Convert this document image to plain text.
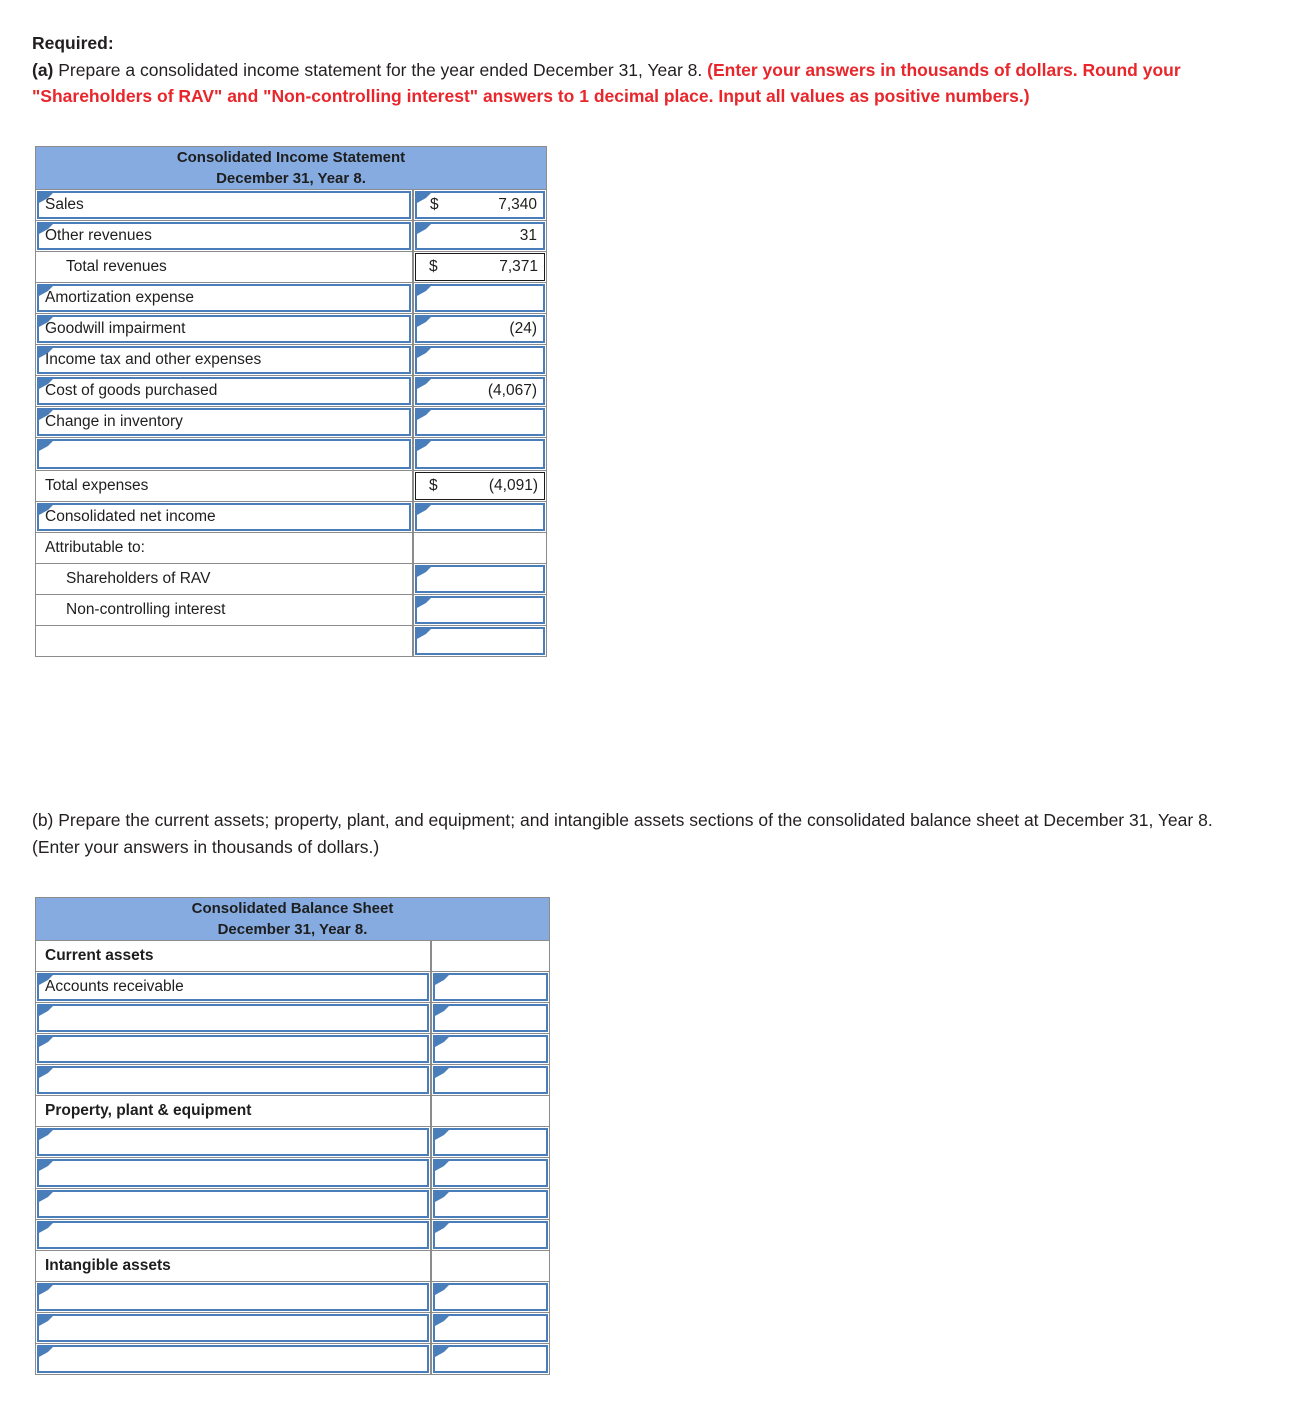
Required:
(a) Prepare a consolidated income statement for the year ended December 31, Year 8. (Enter your answers in thousands of dollars. Round your "Shareholders of RAV" and "Non-controlling interest" answers to 1 decimal place. Input all values as positive numbers.)
Consolidated Income Statement
December 31, Year 8.	

Sales	$ 7,340

Other revenues	31

Total revenues	$ 7,371

Amortization expense	

Goodwill impairment	(24)

Income tax and other expenses	

Cost of goods purchased	(4,067)

Change in inventory	

Total expenses	$ (4,091)

Consolidated net income	

Attributable to:	

Shareholders of RAV	

Non-controlling interest	

(b) Prepare the current assets; property, plant, and equipment; and intangible assets sections of the consolidated balance sheet at December 31, Year 8. (Enter your answers in thousands of dollars.)
Consolidated Balance Sheet
December 31, Year 8.	

Current assets	

Accounts receivable	

Property, plant & equipment	

Intangible assets	
